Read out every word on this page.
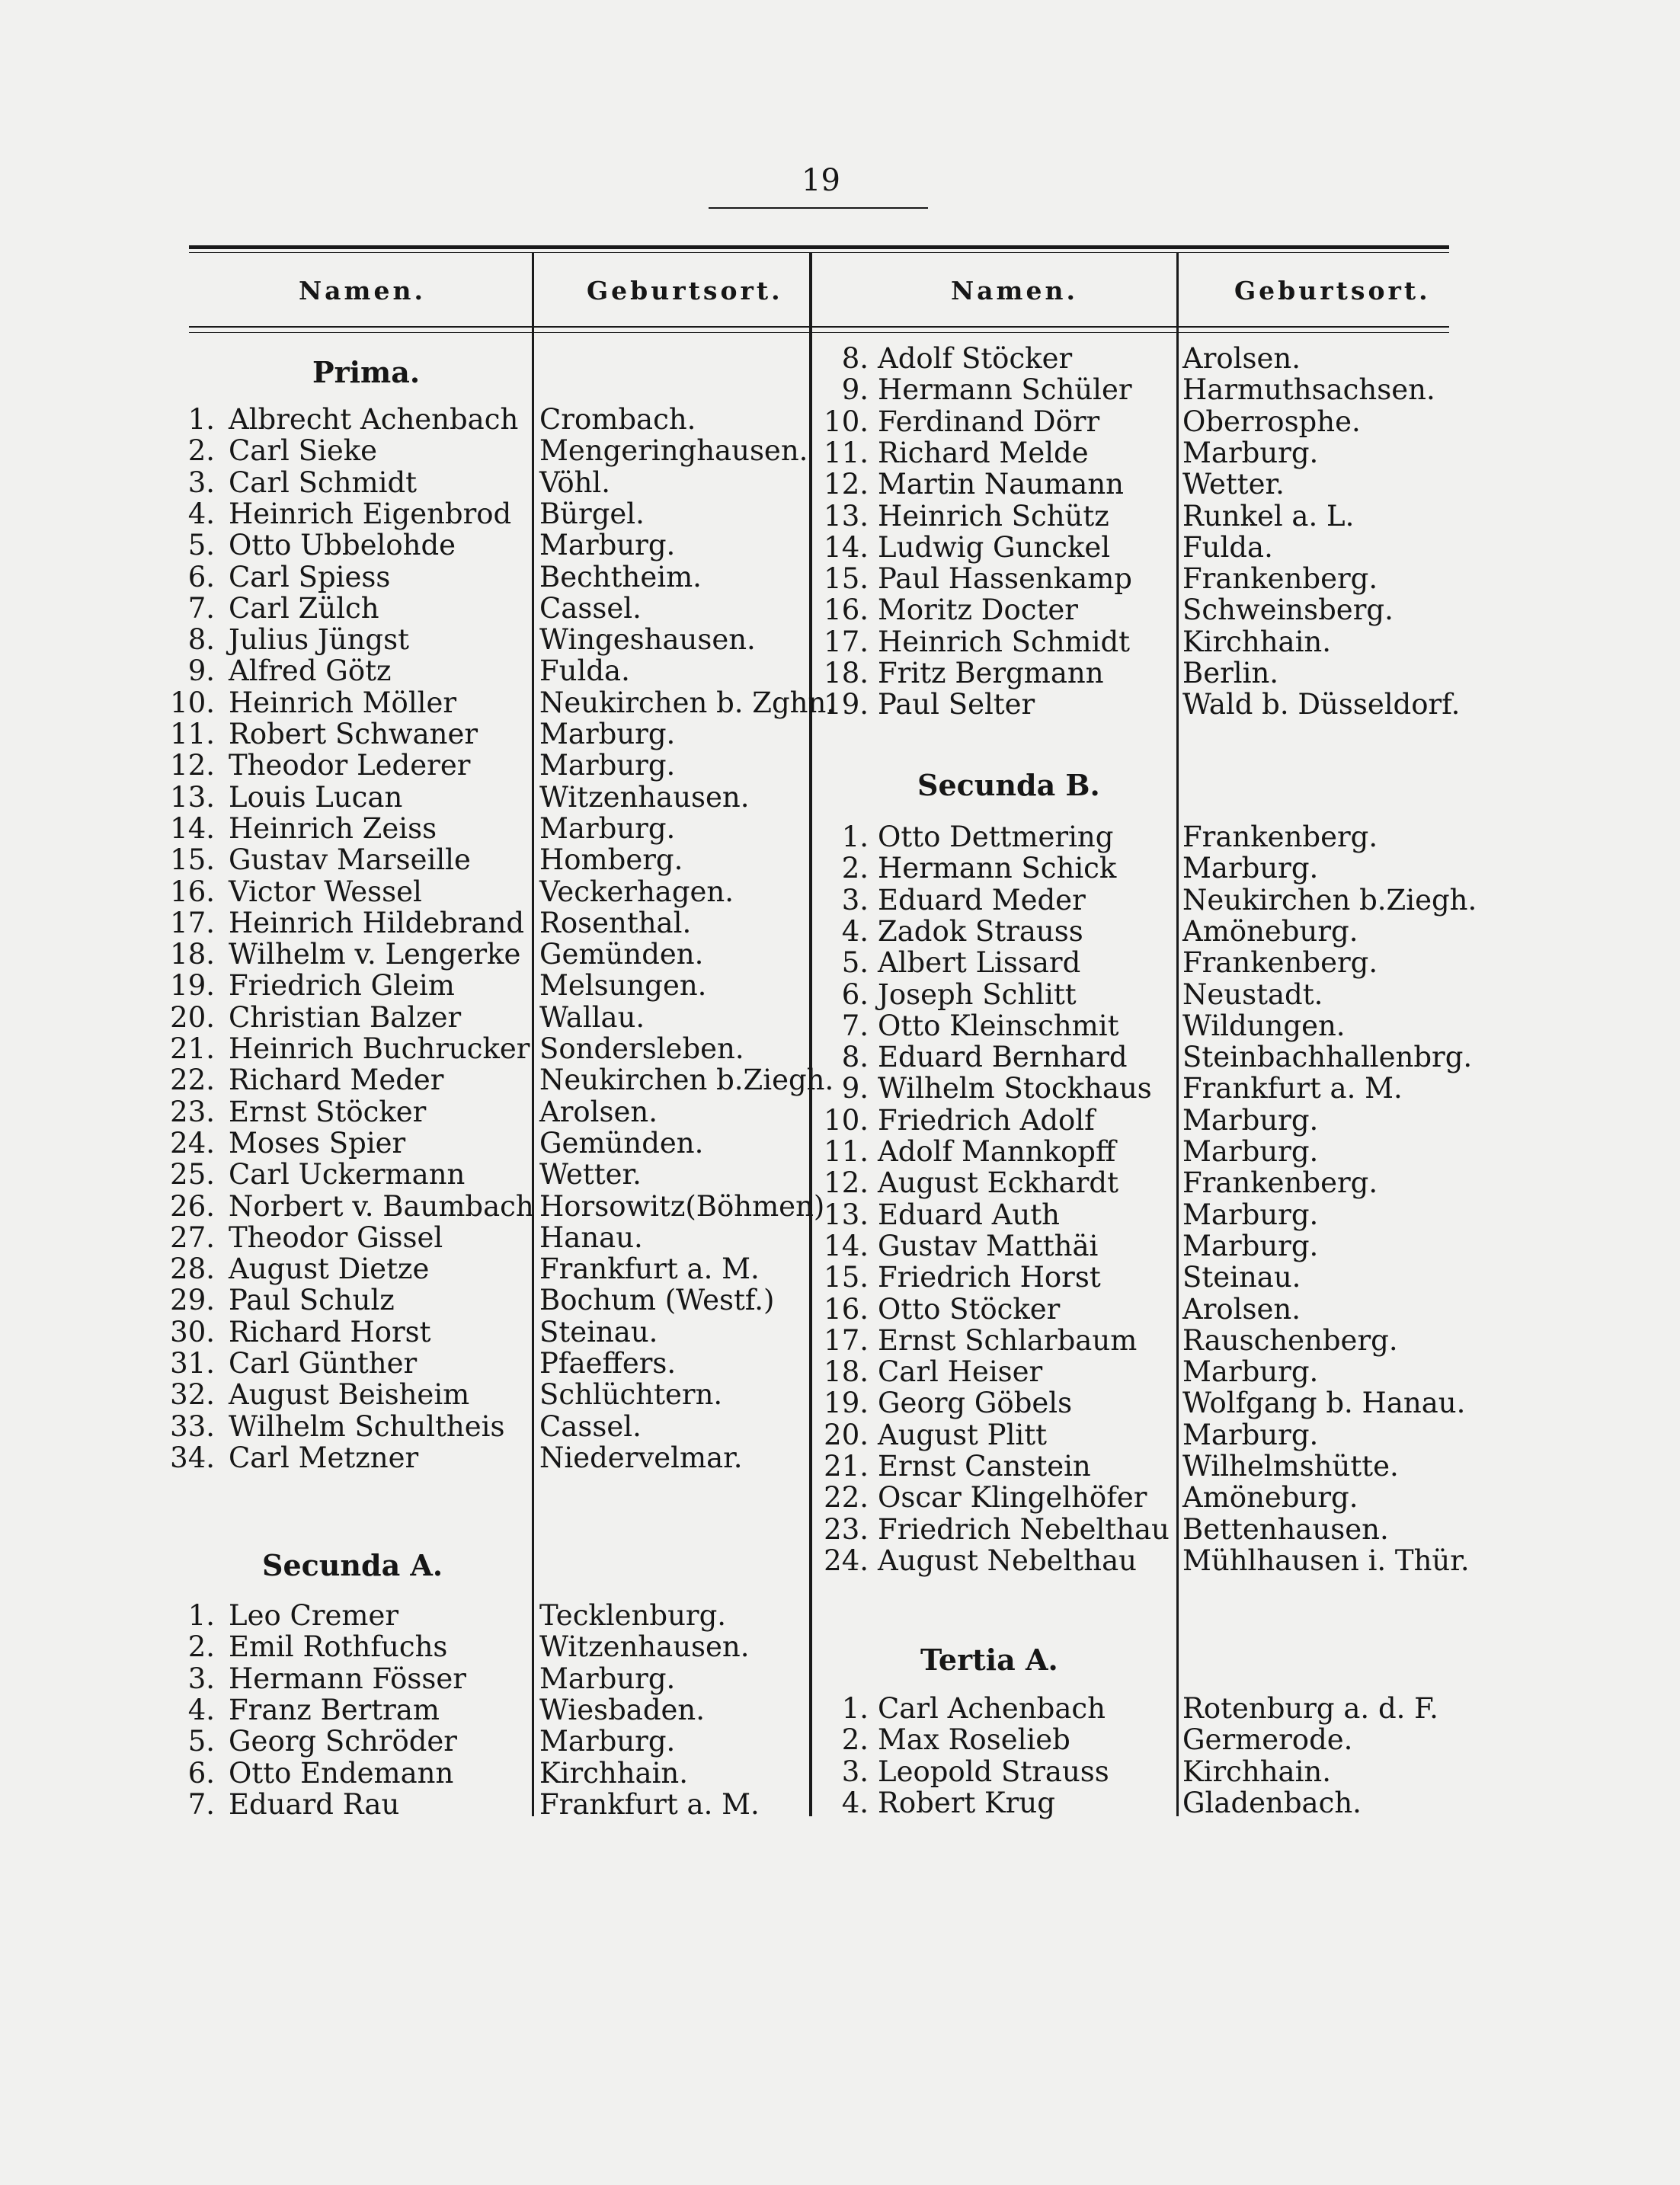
19
Namen.	Geburtsort.	Namen.	Geburtsort.
Prima.
1. Albrecht Achenbach Crombach.
2. Carl Sieke	Mengeringhausen.
3. Carl Schmidt	Vöhl.
4. Heinrich Eigenbrod Bürgel.
5. Otto Ubbelohde	Marburg.
6. Carl Spiess	Bechtheim.
7. Carl Zülch	Cassel.
8. Julius Jüngst	Wingeshausen.
9. Alfred Götz	Fulda.
10. Heinrich Möller	Neukirchen b. Zghn.
11. Robert Schwaner Marburg.
12. Theodor Lederer Marburg.
13. Louis Lucan	Witzenhausen.
14. Heinrich Zeiss	Marburg.
15. Gustav Marseille Homberg.
16. Victor Wessel	Veckerhagen.
17. Heinrich Hildebrand Rosenthal.
18. Wilhelm v. Lengerke Gemünden.
19. Friedrich Gleim	Melsungen.
20. Christian Balzer	Wallau.
21. Heinrich Buchrucker Sondersleben.
22. Richard Meder	Neukirchen b.Ziegh.
23. Ernst Stöcker	Arolsen.
24. Moses Spier	Gemünden.
25. Carl Uckermann	Wetter.
26. Norbert v. Baumbach Horsowitz(Böhmen)
27. Theodor Gissel	Hanau.
28. August Dietze	Frankfurt a. M.
29. Paul Schulz	Bochum (Westf.)
30. Richard Horst	Steinau.
31. Carl Günther	Pfaeffers.
32. August Beisheim Schlüchtern.
33. Wilhelm Schultheis Cassel.
34. Carl Metzner	Niedervelmar.
Secunda A.
1. Leo Cremer	Tecklenburg.
2. Emil Rothfuchs	Witzenhausen.
3. Hermann Fösser	Marburg.
4. Franz Bertram	Wiesbaden.
5. Georg Schröder	Marburg.
6. Otto Endemann	Kirchhain.
7. Eduard Rau	Frankfurt a. M.
8. Adolf Stöcker	Arolsen.
9. Hermann Schüler Harmuthsachsen.
10. Ferdinand Dörr	Oberrosphe.
11. Richard Melde	Marburg.
12. Martin Naumann Wetter.
13. Heinrich Schütz	Runkel a. L.
14. Ludwig Gunckel	Fulda.
15. Paul Hassenkamp Frankenberg.
16. Moritz Docter	Schweinsberg.
17. Heinrich Schmidt Kirchhain.
18. Fritz Bergmann	Berlin.
19. Paul Selter	Wald b. Düsseldorf.
Secunda B.
1. Otto Dettmering Frankenberg.
2. Hermann Schick Marburg.
3. Eduard Meder	Neukirchen b.Ziegh.
4. Zadok Strauss	Amöneburg.
5. Albert Lissard	Frankenberg.
6. Joseph Schlitt	Neustadt.
7. Otto Kleinschmit Wildungen.
8. Eduard Bernhard Steinbachhallenbrg.
9. Wilhelm Stockhaus Frankfurt a. M.
10. Friedrich Adolf	Marburg.
11. Adolf Mannkopff Marburg.
12. August Eckhardt Frankenberg.
13. Eduard Auth	Marburg.
14. Gustav Matthäi	Marburg.
15. Friedrich Horst	Steinau.
16. Otto Stöcker	Arolsen.
17. Ernst Schlarbaum Rauschenberg.
18. Carl Heiser	Marburg.
19. Georg Göbels	Wolfgang b. Hanau.
20. August Plitt	Marburg.
21. Ernst Canstein	Wilhelmshütte.
22. Oscar Klingelhöfer Amöneburg.
23. Friedrich Nebelthau Bettenhausen.
24. August Nebelthau Mühlhausen i. Thür.
Tertia A.
1. Carl Achenbach	Rotenburg a. d. F.
2. Max Roselieb	Germerode.
3. Leopold Strauss	Kirchhain.
4. Robert Krug	Gladenbach.
